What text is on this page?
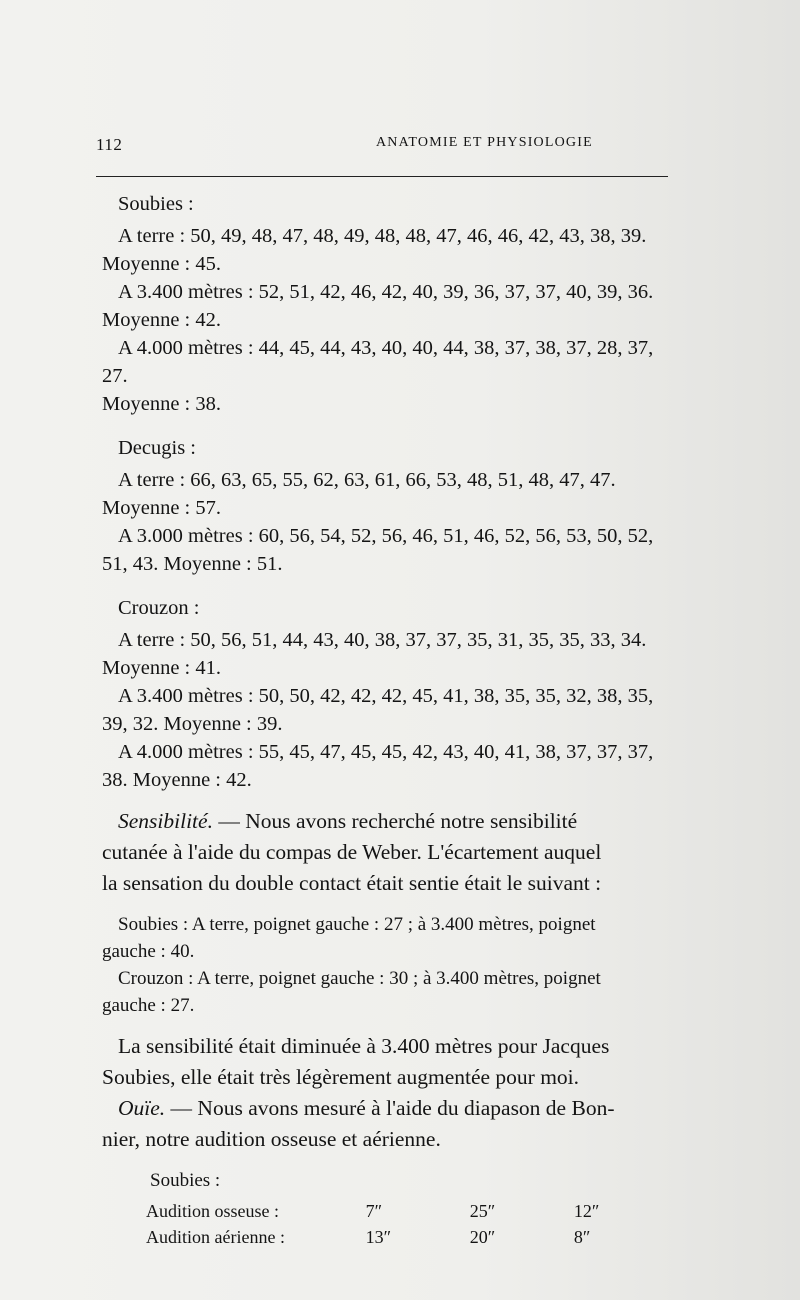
112	ANATOMIE ET PHYSIOLOGIE

Soubies :

A terre : 50, 49, 48, 47, 48, 49, 48, 48, 47, 46, 46, 42, 43, 38, 39.

Moyenne : 45.

A 3.400 mètres : 52, 51, 42, 46, 42, 40, 39, 36, 37, 37, 40, 39, 36.

Moyenne : 42.

A 4.000 mètres : 44, 45, 44, 43, 40, 40, 44, 38, 37, 38, 37, 28, 37, 27.

Moyenne : 38.

Decugis :

A terre : 66, 63, 65, 55, 62, 63, 61, 66, 53, 48, 51, 48, 47, 47.

Moyenne : 57.

A 3.000 mètres : 60, 56, 54, 52, 56, 46, 51, 46, 52, 56, 53, 50, 52,

51, 43. Moyenne : 51.

Crouzon :

A terre : 50, 56, 51, 44, 43, 40, 38, 37, 37, 35, 31, 35, 35, 33, 34.

Moyenne : 41.

A 3.400 mètres : 50, 50, 42, 42, 42, 45, 41, 38, 35, 35, 32, 38, 35,

39, 32. Moyenne : 39.

A 4.000 mètres : 55, 45, 47, 45, 45, 42, 43, 40, 41, 38, 37, 37, 37,

38. Moyenne : 42.

Sensibilité. — Nous avons recherché notre sensibilité

cutanée à l'aide du compas de Weber. L'écartement auquel

la sensation du double contact était sentie était le suivant :

Soubies : A terre, poignet gauche : 27 ; à 3.400 mètres, poignet

gauche : 40.

Crouzon : A terre, poignet gauche : 30 ; à 3.400 mètres, poignet

gauche : 27.

La sensibilité était diminuée à 3.400 mètres pour Jacques

Soubies, elle était très légèrement augmentée pour moi.

Ouïe. — Nous avons mesuré à l'aide du diapason de Bon-

nier, notre audition osseuse et aérienne.

Soubies :

Audition osseuse :	7″	25″	12″
Audition aérienne :	13″	20″	8″
